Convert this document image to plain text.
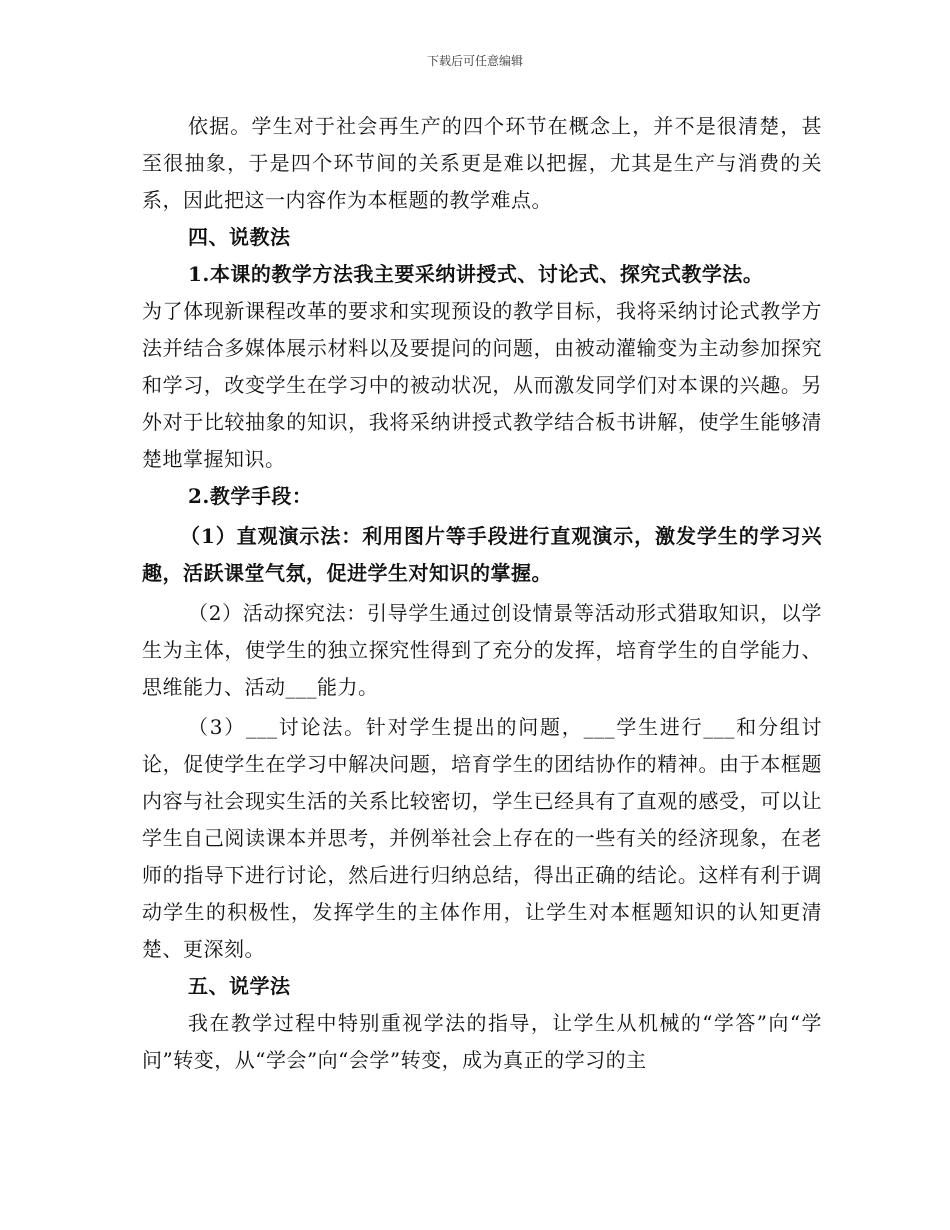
下载后可任意编辑

依据。学生对于社会再生产的四个环节在概念上，并不是很清楚，甚至很抽象，于是四个环节间的关系更是难以把握，尤其是生产与消费的关系，因此把这一内容作为本框题的教学难点。

四、说教法

1.本课的教学方法我主要采纳讲授式、讨论式、探究式教学法。

为了体现新课程改革的要求和实现预设的教学目标，我将采纳讨论式教学方法并结合多媒体展示材料以及要提问的问题，由被动灌输变为主动参加探究和学习，改变学生在学习中的被动状况，从而激发同学们对本课的兴趣。另外对于比较抽象的知识，我将采纳讲授式教学结合板书讲解，使学生能够清楚地掌握知识。

2.教学手段：

（1）直观演示法：利用图片等手段进行直观演示，激发学生的学习兴趣，活跃课堂气氛，促进学生对知识的掌握。

（2）活动探究法：引导学生通过创设情景等活动形式猎取知识，以学生为主体，使学生的独立探究性得到了充分的发挥，培育学生的自学能力、思维能力、活动___能力。

（3）___讨论法。针对学生提出的问题，___学生进行___和分组讨论，促使学生在学习中解决问题，培育学生的团结协作的精神。由于本框题内容与社会现实生活的关系比较密切，学生已经具有了直观的感受，可以让学生自己阅读课本并思考，并例举社会上存在的一些有关的经济现象，在老师的指导下进行讨论，然后进行归纳总结，得出正确的结论。这样有利于调动学生的积极性，发挥学生的主体作用，让学生对本框题知识的认知更清楚、更深刻。

五、说学法

我在教学过程中特别重视学法的指导，让学生从机械的“学答”向“学问”转变，从“学会”向“会学”转变，成为真正的学习的主
